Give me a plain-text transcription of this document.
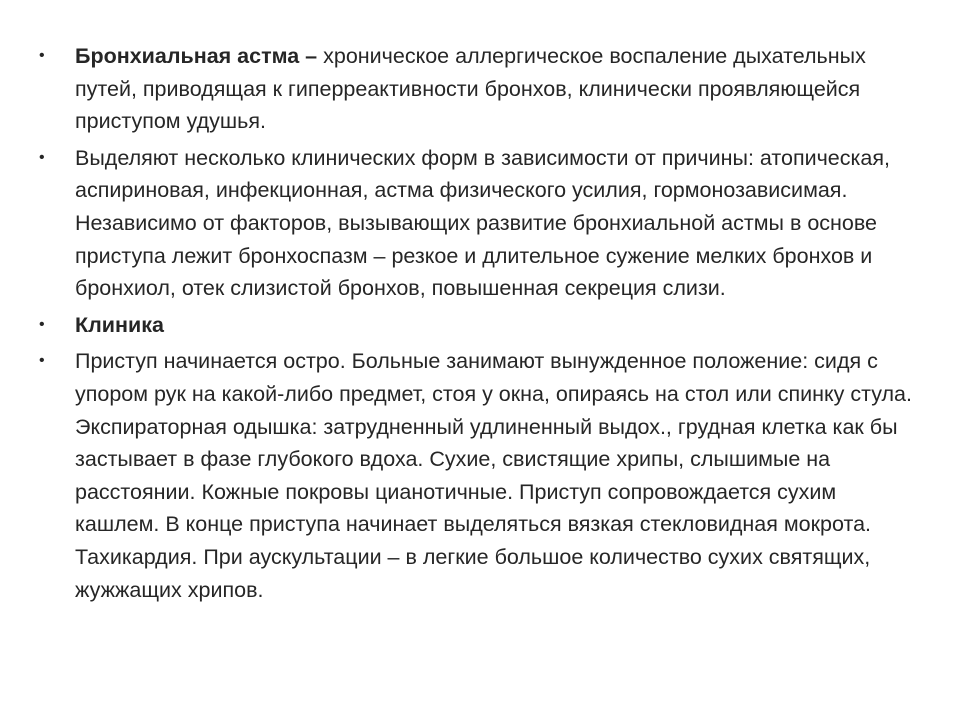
• Бронхиальная астма – хроническое аллергическое воспаление дыхательных путей, приводящая к гиперреактивности бронхов, клинически проявляющейся приступом удушья.
• Выделяют несколько клинических форм в зависимости от причины: атопическая, аспириновая, инфекционная, астма физического усилия, гормонозависимая. Независимо от факторов, вызывающих развитие бронхиальной астмы в основе приступа лежит бронхоспазм – резкое и длительное сужение мелких бронхов и бронхиол, отек слизистой бронхов, повышенная секреция слизи.
• Клиника
• Приступ начинается остро. Больные занимают вынужденное положение: сидя с упором рук на какой-либо предмет, стоя у окна, опираясь на стол или спинку стула. Экспираторная одышка: затрудненный удлиненный выдох., грудная клетка как бы застывает в фазе глубокого вдоха. Сухие, свистящие хрипы, слышимые на расстоянии. Кожные покровы цианотичные. Приступ сопровождается сухим кашлем. В конце приступа начинает выделяться вязкая стекловидная мокрота. Тахикардия. При аускультации – в легкие большое количество сухих святящих, жужжащих хрипов.
